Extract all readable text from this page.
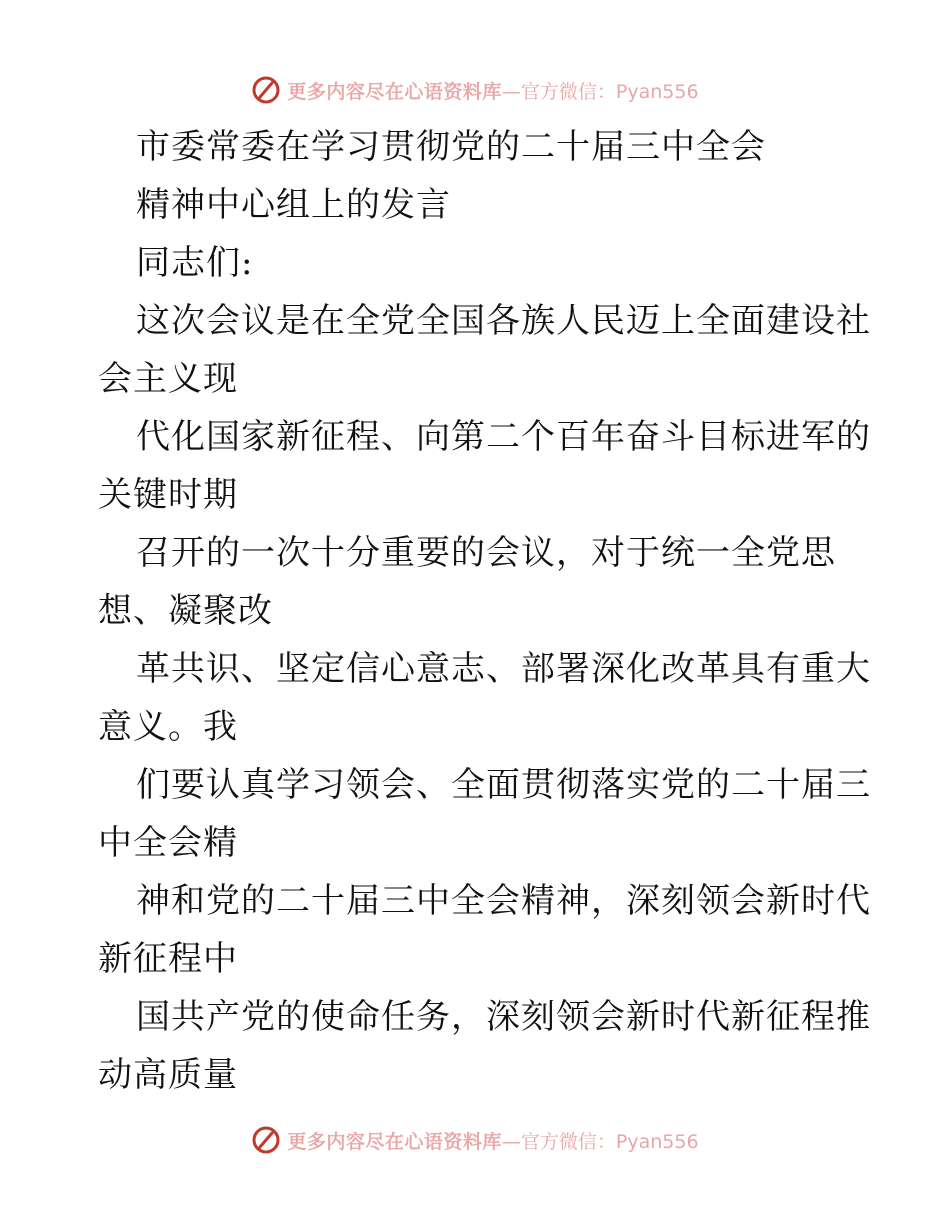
更多内容尽在心语资料库 —官方微信：Pyan556
市委常委在学习贯彻党的二十届三中全会
精神中心组上的发言
同志们:
这次会议是在全党全国各族人民迈上全面建设社
会主义现
代化国家新征程、向第二个百年奋斗目标进军的
关键时期
召开的一次十分重要的会议，对于统一全党思
想、凝聚改
革共识、坚定信心意志、部署深化改革具有重大
意义。我
们要认真学习领会、全面贯彻落实党的二十届三
中全会精
神和党的二十届三中全会精神，深刻领会新时代
新征程中
国共产党的使命任务，深刻领会新时代新征程推
动高质量
更多内容尽在心语资料库 —官方微信：Pyan556
